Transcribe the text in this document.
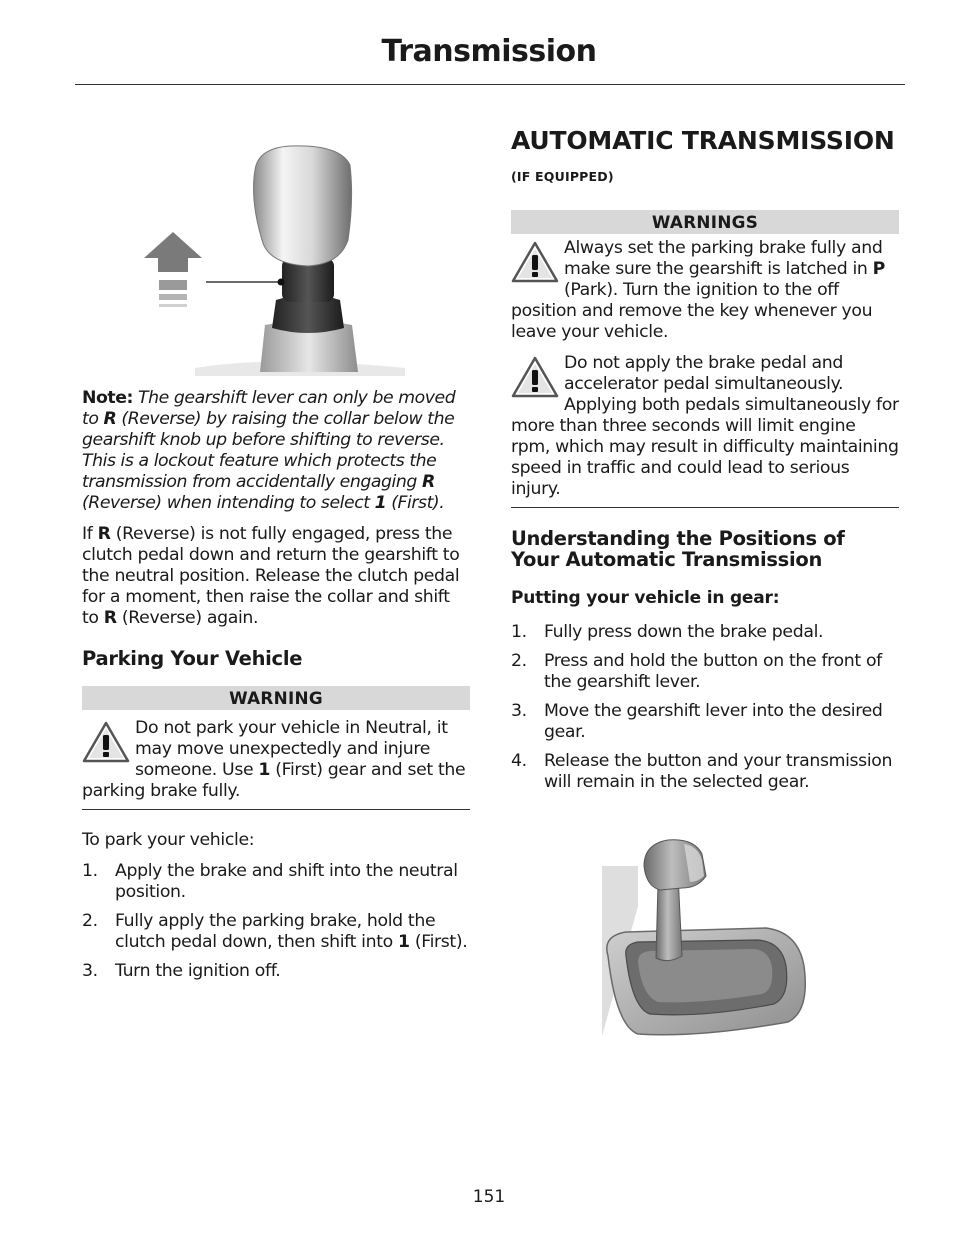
Transmission

Note: The gearshift lever can only be moved to R (Reverse) by raising the collar below the gearshift knob up before shifting to reverse. This is a lockout feature which protects the transmission from accidentally engaging R (Reverse) when intending to select 1 (First).

If R (Reverse) is not fully engaged, press the clutch pedal down and return the gearshift to the neutral position. Release the clutch pedal for a moment, then raise the collar and shift to R (Reverse) again.

Parking Your Vehicle
WARNING

Do not park your vehicle in Neutral, it may move unexpectedly and injure someone. Use 1 (First) gear and set the parking brake fully.

To park your vehicle:

1. Apply the brake and shift into the neutral position.
2. Fully apply the parking brake, hold the clutch pedal down, then shift into 1 (First).
3. Turn the ignition off.
AUTOMATIC TRANSMISSION
(IF EQUIPPED)
WARNINGS

Always set the parking brake fully and make sure the gearshift is latched in P (Park). Turn the ignition to the off position and remove the key whenever you leave your vehicle.

Do not apply the brake pedal and accelerator pedal simultaneously. Applying both pedals simultaneously for more than three seconds will limit engine rpm, which may result in difficulty maintaining speed in traffic and could lead to serious injury.

Understanding the Positions of Your Automatic Transmission
Putting your vehicle in gear:
1. Fully press down the brake pedal.
2. Press and hold the button on the front of the gearshift lever.
3. Move the gearshift lever into the desired gear.
4. Release the button and your transmission will remain in the selected gear.
151
